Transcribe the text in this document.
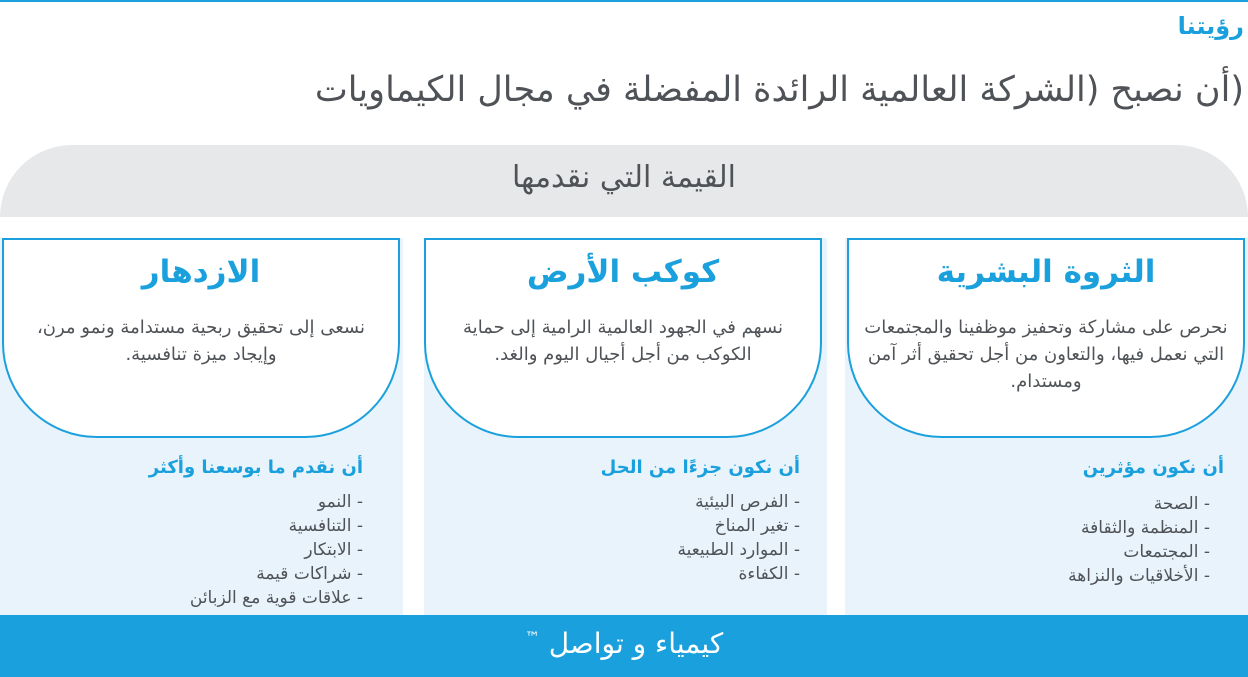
رؤيتنا
(أن نصبح (الشركة العالمية الرائدة المفضلة في مجال الكيماويات
القيمة التي نقدمها
الثروة البشرية
نحرص على مشاركة وتحفيز موظفينا والمجتمعات التي نعمل فيها، والتعاون من أجل تحقيق أثر آمن ومستدام.
أن نكون مؤثرين
- الصحة
- المنظمة والثقافة
- المجتمعات
- الأخلاقيات والنزاهة
كوكب الأرض
نسهم في الجهود العالمية الرامية إلى حماية الكوكب من أجل أجيال اليوم والغد.
أن نكون جزءًا من الحل
- الفرص البيئية
- تغير المناخ
- الموارد الطبيعية
- الكفاءة
الازدهار
نسعى إلى تحقيق ربحية مستدامة ونمو مرن، وإيجاد ميزة تنافسية.
أن نقدم ما بوسعنا وأكثر
- النمو
- التنافسية
- الابتكار
- شراكات قيمة
- علاقات قوية مع الزبائن
كيمياء و تواصل ™
